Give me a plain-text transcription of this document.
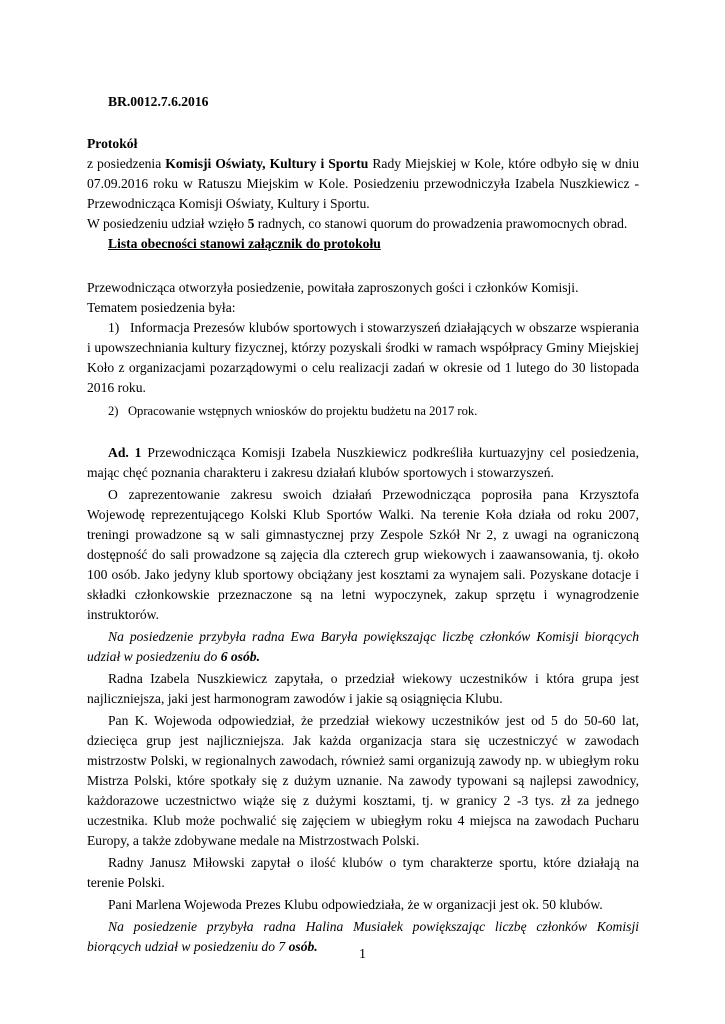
BR.0012.7.6.2016

Protokół

z posiedzenia Komisji Oświaty, Kultury i Sportu Rady Miejskiej w Kole, które odbyło się w dniu 07.09.2016 roku w Ratuszu Miejskim w Kole. Posiedzeniu przewodniczyła Izabela Nuszkiewicz - Przewodnicząca Komisji Oświaty, Kultury i Sportu.

W posiedzeniu udział wzięło 5 radnych, co stanowi quorum do prowadzenia prawomocnych obrad.

Lista obecności stanowi załącznik do protokołu

Przewodnicząca otworzyła posiedzenie, powitała zaproszonych gości i członków Komisji.

Tematem posiedzenia była:

1) Informacja Prezesów klubów sportowych i stowarzyszeń działających w obszarze wspierania i upowszechniania kultury fizycznej, którzy pozyskali środki w ramach współpracy Gminy Miejskiej Koło z organizacjami pozarządowymi o celu realizacji zadań w okresie od 1 lutego do 30 listopada 2016 roku.

2) Opracowanie wstępnych wniosków do projektu budżetu na 2017 rok.

Ad. 1 Przewodnicząca Komisji Izabela Nuszkiewicz podkreśliła kurtuazyjny cel posiedzenia, mając chęć poznania charakteru i zakresu działań klubów sportowych i stowarzyszeń.

O zaprezentowanie zakresu swoich działań Przewodnicząca poprosiła pana Krzysztofa Wojewodę reprezentującego Kolski Klub Sportów Walki. Na terenie Koła działa od roku 2007, treningi prowadzone są w sali gimnastycznej przy Zespole Szkół Nr 2, z uwagi na ograniczoną dostępność do sali prowadzone są zajęcia dla czterech grup wiekowych i zaawansowania, tj. około 100 osób. Jako jedyny klub sportowy obciążany jest kosztami za wynajem sali. Pozyskane dotacje i składki członkowskie przeznaczone są na letni wypoczynek, zakup sprzętu i wynagrodzenie instruktorów.

Na posiedzenie przybyła radna Ewa Baryła powiększając liczbę członków Komisji biorących udział w posiedzeniu do 6 osób.

Radna Izabela Nuszkiewicz zapytała, o przedział wiekowy uczestników i która grupa jest najliczniejsza, jaki jest harmonogram zawodów i jakie są osiągnięcia Klubu.

Pan K. Wojewoda odpowiedział, że przedział wiekowy uczestników jest od 5 do 50-60 lat, dziecięca grup jest najliczniejsza. Jak każda organizacja stara się uczestniczyć w zawodach mistrzostw Polski, w regionalnych zawodach, również sami organizują zawody np. w ubiegłym roku Mistrza Polski, które spotkały się z dużym uznanie. Na zawody typowani są najlepsi zawodnicy, każdorazowe uczestnictwo wiąże się z dużymi kosztami, tj. w granicy 2 -3 tys. zł za jednego uczestnika. Klub może pochwalić się zajęciem w ubiegłym roku 4 miejsca na zawodach Pucharu Europy, a także zdobywane medale na Mistrzostwach Polski.

Radny Janusz Miłowski zapytał o ilość klubów o tym charakterze sportu, które działają na terenie Polski.

Pani Marlena Wojewoda Prezes Klubu odpowiedziała, że w organizacji jest ok. 50 klubów.

Na posiedzenie przybyła radna Halina Musiałek powiększając liczbę członków Komisji biorących udział w posiedzeniu do 7 osób.

1
